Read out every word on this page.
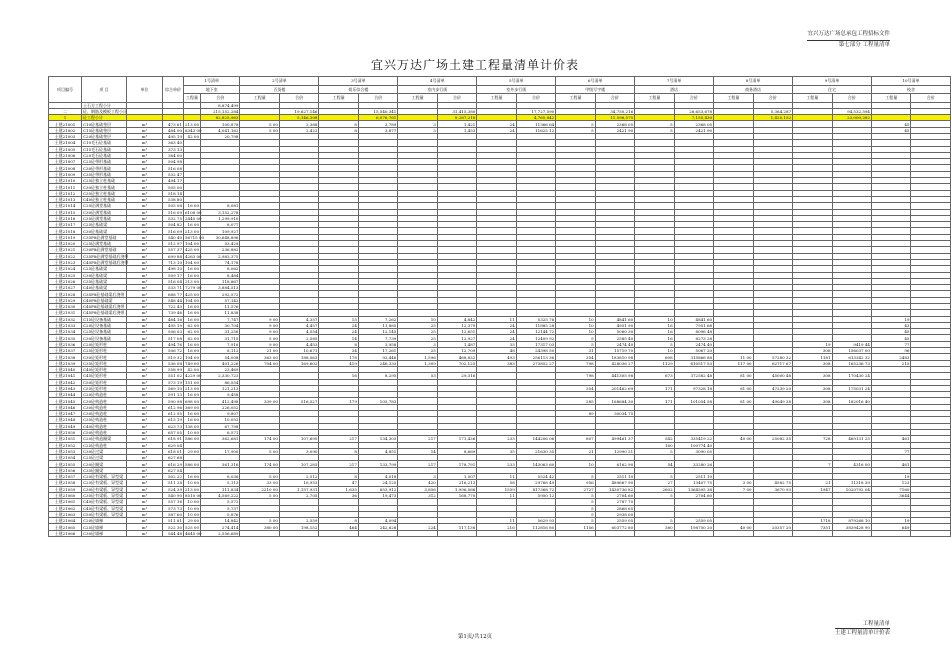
宜兴万达广场总承包工程招标文件
第七部分 工程量清单
宜兴万达广场土建工程量清单计价表
项目编号	项 目	单位	综合单价	1号清单		2号清单		3号清单		4号清单		5号清单		6号清单		7号清单		8号清单		9号清单		10号清单	
				地下室		百货楼		娱乐综合楼		室内步行街		室外步行街		甲级写字楼		酒店		商务酒店		住宅		校舍	
				工程量	合价	工程量	合价	工程量	合价	工程量	合价	工程量	合价	工程量	合价	工程量	合价	工程量	合价	工程量	合价	工程量	合价
	土石方工程小计				8,874,499																		
二	砼、钢筋及模板工程小计				215,152,284		19,627,146		15,540,341		31,415,380		17,727,590		34,750,216		28,653,678		5,364,287		94,532,594		
1	砼工程小计				82,825,963		5,146,308		6,076,761		8,287,218		4,765,842		11,596,575		7,155,430		1,420,152		23,000,282		
土建21001	C10砼基础垫层	m³	473 61	213 00	100,878	5 00	2,368	8	3,789	3	1,421	24	11366 64	5	2368 05	5	2368 05					45	
土建21002	C15砼基础垫层	m³	484 00	8343 00	4,041,162	5 00	2,422	8	3,877	3	1,453	24	11625 12	5	2421 90	5	2421 90					45	
土建21003	C20砼基础垫层	m³	495 19	42 00	20,798																		
土建21004	C10毛石砼基础	m³	363 40																				
土建21005	C15毛石砼基础	m³	373 13																				
土建21006	C20毛石砼基础	m³	384 00																				
土建21007	C25砼带形基础	m³	504 98																				
土建21008	C30砼带形基础	m³	516 08																				
土建21009	C35砼带形基础	m³	532 47																				
土建21010	C25砼独立柱基础	m³	494 17																				
土建21011	C30砼独立柱基础	m³	505 00																				
土建21012	C35砼独立柱基础	m³	518 14																				
土建21013	C40砼独立柱基础	m³	538 80																				
土建21014	C25砼满堂基础	m³	505 08	16 00	8,081																		
土建21015	C30砼满堂基础	m³	516 09	6108 00	3,152,278																		
土建21016	C35砼满堂基础	m³	532 75	2440 00	1,299,910																		
土建21017	C25砼基础梁	m³	504 82	16 00	8,077																		
土建21018	C30砼基础梁	m³	516 09	213 00	109,927																		
土建21019	C35P8砼满堂基础	m³	540 40	56715 00	30,648,896																		
土建21020	C25砼满堂基础	m³	512 97	104 00	53,429																		
土建21021	C30P8砼满堂基础	m³	557 37	425 00	236,882																		
土建21022	C35P8砼满堂基础后浇带	m³	699 88	4263 00	2,983,375																		
土建21023	C40P8砼满堂基础后浇带	m³	713 10	104 00	74,178																		
土建21024	C25砼基础梁	m³	498 10	16 00	8,062																		
土建21025	C30砼基础梁	m³	509 17	16 00	8,484																		
土建21026	C35砼基础梁	m³	516 04	213 00	118,867																		
土建21027	C40砼基础梁	m³	533 71	7279 00	3,884,513																		
土建21028	C35P8砼基础梁后浇带	m³	688 77	425 00	292,572																		
土建21029	C40P8砼基础梁	m³	548 44	104 00	57,142																		
土建21030	C40P8砼基础梁后浇带	m³	722 43	16 00	11,576																		
土建21031	C45P8砼基础梁后浇带	m³	739 46	16 00	11,838																		
土建21032	C15砼设备基础	m³	484 16	16 00	7,747	9 00	4,357	15	7,262	10	4,842	11	5325 76	10	4841 60	10	4841 60					19	
土建21033	C20砼设备基础	m³	495 19	62 00	30,704	9 00	4,457	24	11,885	25	12,379	24	11885 28	10	4951 90	16	7951 68					43	
土建21034	C25砼设备基础	m³	506 03	62 00	31,256	9 00	4,554	24	12,145	25	12,651	24	12144 72	10	5060 30	16	8096 48					45	
土建21035	C30砼设备基础	m³	517 08	62 00	31,715	5 00	2,585	14	7,739	25	12,927	24	12409 92	5	2585 40	16	8273 28					45	
土建21036	C20砼矩形柱	m³	494 76	16 00	7,916	9 00	4,453	8	3,958	3	1,487	35	17317 03	5	2474 40	5	2474 40			19	9419 44	77	
土建21037	C25砼矩形柱	m³	506 72	16 00	8,112	21 00	10,671	34	17,261	25	12,709	48	24398 50	31	15719 70	10	5067 20			308	156037 00	96	
土建21038	C30砼矩形柱	m³	519 32	104 00	54,008	363 00	188,563	178	92,446	1,596	468,832	493	256113 36	354	183810 98	608	315866 88	11 00	57280 32	1181	613342 32	2483	
土建21039	C35砼矩形柱	m³	536 08	749 00	401,226	704 00	169,602	419	246,333	1,309	702,125	383	273852 27	798	428036 27	1129	610517 53	117 00	62717 67	308	165236 73	215	
土建21040	C40砼矩形柱	m³	558 99	42 00	23,469																		
土建21041	C45砼矩形柱	m³	551 02	4229 00	2,330,723			16	8,295	53	29,316			798	441305 98	673	372582 48	81 00	45000 48	308	170430 24		
土建21042	C50砼矩形柱	m³	573 19	151 00	86,554																		
土建21043	C55砼矩形柱	m³	569 10	213 00	121,213									354	201462 69	171	97328 18	81 00	47239 20	308	175031 24		
土建21044	C20砼构造柱	m³	591 13	16 00	9,458																		
土建21045	C30砼构造柱	m³	590 98	698 00	412,498	339 00	516,527	179	105,783					285	168684 30	171	101054 58	81 00	49049 38	308	182016 40		
土建21046	C30砼构造柱	m³	612 96	369 00	226,052																		
土建21047	C30砼构造柱	m³	612 95	16 00	9,807									89	30034 75								
土建21048	C35砼构造柱	m³	615 19	16 00	10,052																		
土建21049	C40砼构造柱	m³	623 73	138 00	67,798																		
土建21050	C50砼构造柱	m³	657 05	10 00	6,571																		
土建21051	C20砼构造圈梁	m³	618 91	586 00	362,681	174 00	107,690	217	134,303	217	171,436	233	144206 06	807	499461 37	542	335419 22	40 00	25082 35	728	469131 25	461	
土建21052	C25砼构造柱	m³	629 04													160	100774 40						
土建21053	C30砼过梁	m³	618 01	29 00	17,900	5 00	3,090	8	4,851	14	8,669	35	21630 35	21	12990 21	5	3090 05					77	
土建21054	C25砼过梁	m³	627 68																				
土建21055	C30砼圈梁	m³	616 29	586 00	361,316	174 00	107,285	217	133,799	217	178,791	233	143063 60	10	6162 90	54	33280 26			7	4316 00	461	
土建21056	C35砼圈梁	m³	627 54																				
土建21057	C20砼有梁板、异型梁	m³	502 22	16 00	8,036	5 00	2,512	8	4,018	3	1,507	11	5524 42	5	2511 10	5	2511 10					19	
土建21058	C25砼有梁板、异型梁	m³	511 28	10 00	5,113	33 00	16,953	47	24,125	420	216,213	58	29768 49	956	489667 90	27	13407 75	3 00	4582 75	21	11318 39	123	
土建21059	C30砼有梁板、异型梁	m³	524 39	213 00	111,834	2210 00	1,157,931	1,635	853,912	3,856	1,996,566	1559	817368 72	2727	1430736 82	2602	1364595 38	7 00	3670 93	1947	1020792 04	7160	
土建21060	C35砼有梁板、异型梁	m³	540 90	8510 00	4,569,222	5 00	2,705	36	19,473	312	168,770	11	5950 12	5	2704 60	5	2704 60					3644	
土建21061	C40砼有梁板、异型梁	m³	557 16	10 00	5,572									5	2787 70								
土建21062	C45砼有梁板、异型梁	m³	573 73	10 00	5,737									5	2868 65								
土建21063	C50砼有梁板、异型梁	m³	587 60	10 00	5,876									5	2938 00								
土建21064	C20砼墙梯	m³	511 81	29 00	14,842	5 00	2,559	8	4,094			11	5629 93	5	2559 05	5	2559 05			1718	879268 10	19	
土建21065	C25砼墙梯	m³	522 30	525 00	274,414	380 00	198,152	464	242,628	224	117,138	216	112816 80	1156	603772 80	380	198750 20	40 00	20357 20	7351	3839428 90	649	
土建21066	C30砼墙梯	m³	544 48	4645 00	2,556,689																		
工程量清单
土建工程量清单计价表
第1页/共12页
